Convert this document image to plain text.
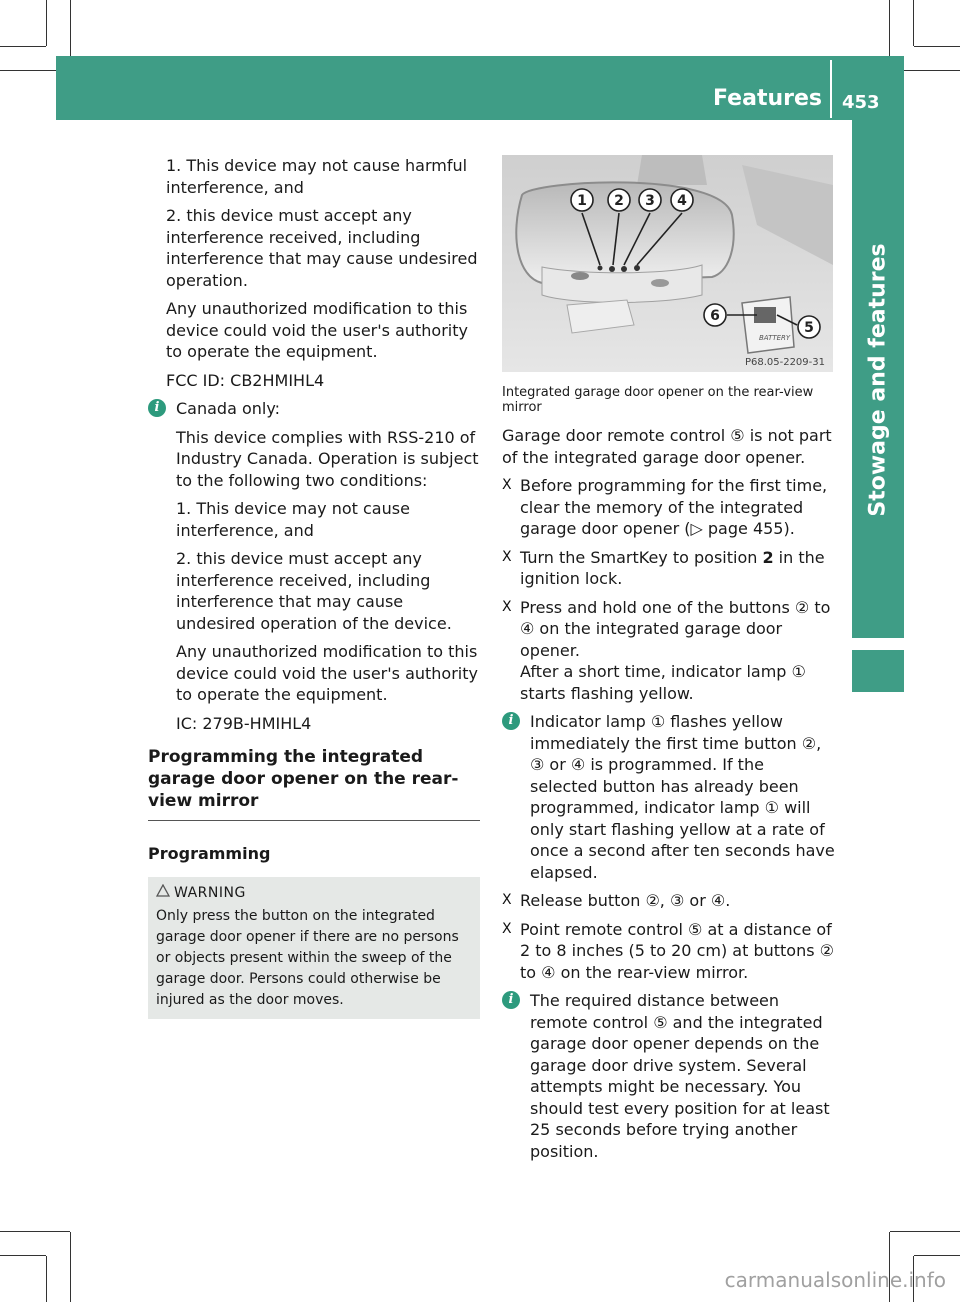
Features 453
Stowage and features

1. This device may not cause harmful interference, and

2. this device must accept any interference received, including interference that may cause undesired operation.

Any unauthorized modification to this device could void the user's authority to operate the equipment.

FCC ID: CB2HMIHL4

i	Canada only:

This device complies with RSS-210 of Industry Canada. Operation is subject to the following two conditions:

1. This device may not cause interference, and

2. this device must accept any interference received, including interference that may cause undesired operation of the device.

Any unauthorized modification to this device could void the user's authority to operate the equipment.

IC: 279B-HMIHL4

Programming the integrated garage door opener on the rear-view mirror
Programming
WARNING
Only press the button on the integrated garage door opener if there are no persons or objects present within the sweep of the garage door. Persons could otherwise be injured as the door moves.
BATTERY
1 2 3 4
5
6
P68.05-2209-31

Integrated garage door opener on the rear-view mirror

Garage door remote control ⑤ is not part of the integrated garage door opener.

X Before programming for the first time, clear the memory of the integrated garage door opener (▷ page 455).
X Turn the SmartKey to position 2 in the ignition lock.
X Press and hold one of the buttons ② to ④ on the integrated garage door opener.
After a short time, indicator lamp ① starts flashing yellow.
i	Indicator lamp ① flashes yellow immediately the first time button ②, ③ or ④ is programmed. If the selected button has already been programmed, indicator lamp ① will only start flashing yellow at a rate of once a second after ten seconds have elapsed.

X Release button ②, ③ or ④.
X Point remote control ⑤ at a distance of 2 to 8 inches (5 to 20 cm) at buttons ② to ④ on the rear-view mirror.
i	The required distance between remote control ⑤ and the integrated garage door opener depends on the garage door drive system. Several attempts might be necessary. You should test every position for at least 25 seconds before trying another position.

carmanualsonline.info
